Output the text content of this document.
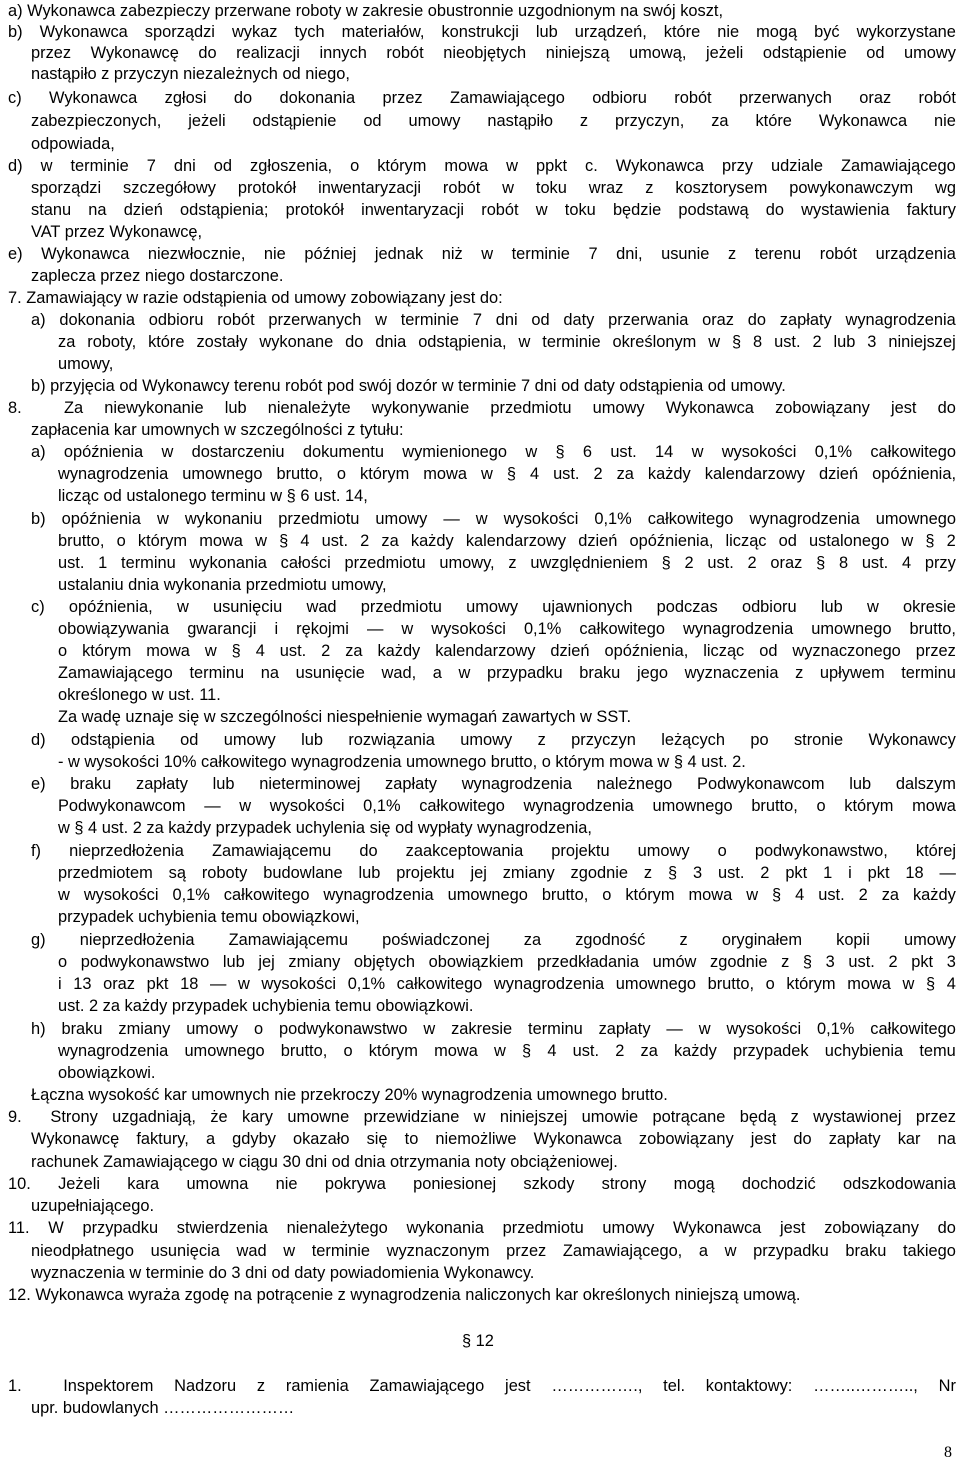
a) Wykonawca zabezpieczy przerwane roboty w zakresie obustronnie uzgodnionym na swój koszt,
b) Wykonawca sporządzi wykaz tych materiałów, konstrukcji lub urządzeń, które nie mogą być wykorzystane
przez Wykonawcę do realizacji innych robót nieobjętych niniejszą umową, jeżeli odstąpienie od umowy
nastąpiło z przyczyn niezależnych od niego,
c) Wykonawca zgłosi do dokonania przez Zamawiającego odbioru robót przerwanych oraz robót
zabezpieczonych, jeżeli odstąpienie od umowy nastąpiło z przyczyn, za które Wykonawca nie
odpowiada,
d) w terminie 7 dni od zgłoszenia, o którym mowa w ppkt c. Wykonawca przy udziale Zamawiającego
sporządzi szczegółowy protokół inwentaryzacji robót w toku wraz z kosztorysem powykonawczym wg
stanu na dzień odstąpienia; protokół inwentaryzacji robót w toku będzie podstawą do wystawienia faktury
VAT przez Wykonawcę,
e) Wykonawca niezwłocznie, nie później jednak niż w terminie 7 dni, usunie z terenu robót urządzenia
zaplecza przez niego dostarczone.
7. Zamawiający w razie odstąpienia od umowy zobowiązany jest do:
a) dokonania odbioru robót przerwanych w terminie 7 dni od daty przerwania oraz do zapłaty wynagrodzenia
za roboty, które zostały wykonane do dnia odstąpienia, w terminie określonym w § 8 ust. 2 lub 3 niniejszej
umowy,
b) przyjęcia od Wykonawcy terenu robót pod swój dozór w terminie 7 dni od daty odstąpienia od umowy.
8.	Za niewykonanie lub nienależyte wykonywanie przedmiotu umowy Wykonawca zobowiązany jest do
zapłacenia kar umownych w szczególności z tytułu:
a) opóźnienia w dostarczeniu dokumentu wymienionego w § 6 ust. 14 w wysokości 0,1% całkowitego
wynagrodzenia umownego brutto, o którym mowa w § 4 ust. 2 za każdy kalendarzowy dzień opóźnienia,
licząc od ustalonego terminu w § 6 ust. 14,
b) opóźnienia w wykonaniu przedmiotu umowy — w wysokości 0,1% całkowitego wynagrodzenia umownego
brutto, o którym mowa w § 4 ust. 2 za każdy kalendarzowy dzień opóźnienia, licząc od ustalonego w § 2
ust. 1 terminu wykonania całości przedmiotu umowy, z uwzględnieniem § 2 ust. 2 oraz § 8 ust. 4 przy
ustalaniu dnia wykonania przedmiotu umowy,
c) opóźnienia, w usunięciu wad przedmiotu umowy ujawnionych podczas odbioru lub w okresie
obowiązywania gwarancji i rękojmi — w wysokości 0,1% całkowitego wynagrodzenia umownego brutto,
o którym mowa w § 4 ust. 2 za każdy kalendarzowy dzień opóźnienia, licząc od wyznaczonego przez
Zamawiającego terminu na usunięcie wad, a w przypadku braku jego wyznaczenia z upływem terminu
określonego w ust. 11.
Za wadę uznaje się w szczególności niespełnienie wymagań zawartych w SST.
d) odstąpienia od umowy lub rozwiązania umowy z przyczyn leżących po stronie Wykonawcy
- w wysokości 10% całkowitego wynagrodzenia umownego brutto, o którym mowa w § 4 ust. 2.
e) braku zapłaty lub nieterminowej zapłaty wynagrodzenia należnego Podwykonawcom lub dalszym
Podwykonawcom — w wysokości 0,1% całkowitego wynagrodzenia umownego brutto, o którym mowa
w § 4 ust. 2 za każdy przypadek uchylenia się od wypłaty wynagrodzenia,
f) nieprzedłożenia Zamawiającemu do zaakceptowania projektu umowy o podwykonawstwo, której
przedmiotem są roboty budowlane lub projektu jej zmiany zgodnie z § 3 ust. 2 pkt 1 i pkt 18 —
w wysokości 0,1% całkowitego wynagrodzenia umownego brutto, o którym mowa w § 4 ust. 2 za każdy
przypadek uchybienia temu obowiązkowi,
g) nieprzedłożenia Zamawiającemu poświadczonej za zgodność z oryginałem kopii umowy
o podwykonawstwo lub jej zmiany objętych obowiązkiem przedkładania umów zgodnie z § 3 ust. 2 pkt 3
i 13 oraz pkt 18 — w wysokości 0,1% całkowitego wynagrodzenia umownego brutto, o którym mowa w § 4
ust. 2 za każdy przypadek uchybienia temu obowiązkowi.
h) braku zmiany umowy o podwykonawstwo w zakresie terminu zapłaty — w wysokości 0,1% całkowitego
wynagrodzenia umownego brutto, o którym mowa w § 4 ust. 2 za każdy przypadek uchybienia temu
obowiązkowi.
Łączna wysokość kar umownych nie przekroczy 20% wynagrodzenia umownego brutto.
9. Strony uzgadniają, że kary umowne przewidziane w niniejszej umowie potrącane będą z wystawionej przez
Wykonawcę faktury, a gdyby okazało się to niemożliwe Wykonawca zobowiązany jest do zapłaty kar na
rachunek Zamawiającego w ciągu 30 dni od dnia otrzymania noty obciążeniowej.
10. Jeżeli kara umowna nie pokrywa poniesionej szkody strony mogą dochodzić odszkodowania
uzupełniającego.
11. W przypadku stwierdzenia nienależytego wykonania przedmiotu umowy Wykonawca jest zobowiązany do
nieodpłatnego usunięcia wad w terminie wyznaczonym przez Zamawiającego, a w przypadku braku takiego
wyznaczenia w terminie do 3 dni od daty powiadomienia Wykonawcy.
12. Wykonawca wyraża zgodę na potrącenie z wynagrodzenia naliczonych kar określonych niniejszą umową.
§ 12
1.	Inspektorem Nadzoru z ramienia Zamawiającego jest ……………., tel. kontaktowy: ……..……….., Nr
upr. budowlanych ……………………
8
